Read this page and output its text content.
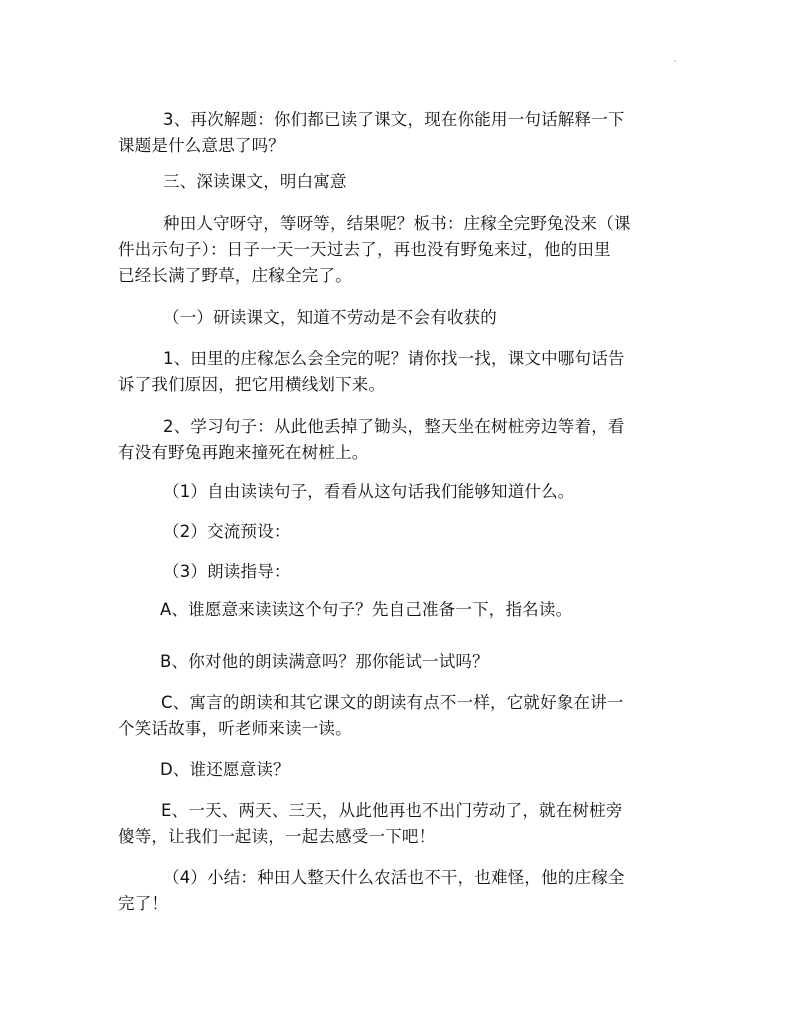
·

3、再次解题：你们都已读了课文，现在你能用一句话解释一下
课题是什么意思了吗？

三、深读课文，明白寓意

种田人守呀守，等呀等，结果呢？板书：庄稼全完野兔没来（课
件出示句子）：日子一天一天过去了，再也没有野兔来过，他的田里
已经长满了野草，庄稼全完了。

（一）研读课文，知道不劳动是不会有收获的

1、田里的庄稼怎么会全完的呢？请你找一找，课文中哪句话告
诉了我们原因，把它用横线划下来。

2、学习句子：从此他丢掉了锄头，整天坐在树桩旁边等着，看
有没有野兔再跑来撞死在树桩上。

（1）自由读读句子，看看从这句话我们能够知道什么。

（2）交流预设：

（3）朗读指导：

A、谁愿意来读读这个句子？先自己准备一下，指名读。

B、你对他的朗读满意吗？那你能试一试吗？

C、寓言的朗读和其它课文的朗读有点不一样，它就好象在讲一
个笑话故事，听老师来读一读。

D、谁还愿意读？

E、一天、两天、三天，从此他再也不出门劳动了，就在树桩旁
傻等，让我们一起读，一起去感受一下吧！

（4）小结：种田人整天什么农活也不干，也难怪，他的庄稼全
完了！
